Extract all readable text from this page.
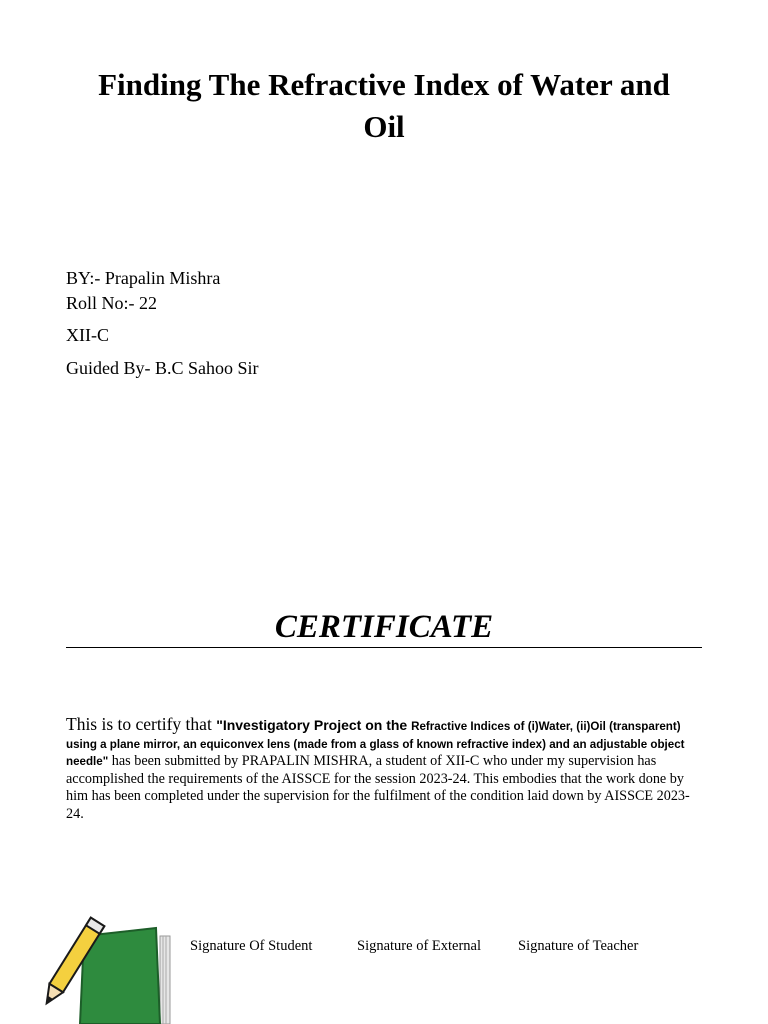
Finding The Refractive Index of Water and
Oil
BY:- Prapalin Mishra
Roll No:- 22
XII-C
Guided By- B.C Sahoo Sir
CERTIFICATE
This is to certify that "Investigatory Project on the Refractive Indices of (i)Water, (ii)Oil (transparent) using a plane mirror, an equiconvex lens (made from a glass of known refractive index) and an adjustable object needle" has been submitted by PRAPALIN MISHRA, a student of XII-C who under my supervision has accomplished the requirements of the AISSCE for the session 2023-24. This embodies that the work done by him has been completed under the supervision for the fulfilment of the condition laid down by AISSCE 2023-24.
Signature Of Student	Signature of External	Signature of Teacher
